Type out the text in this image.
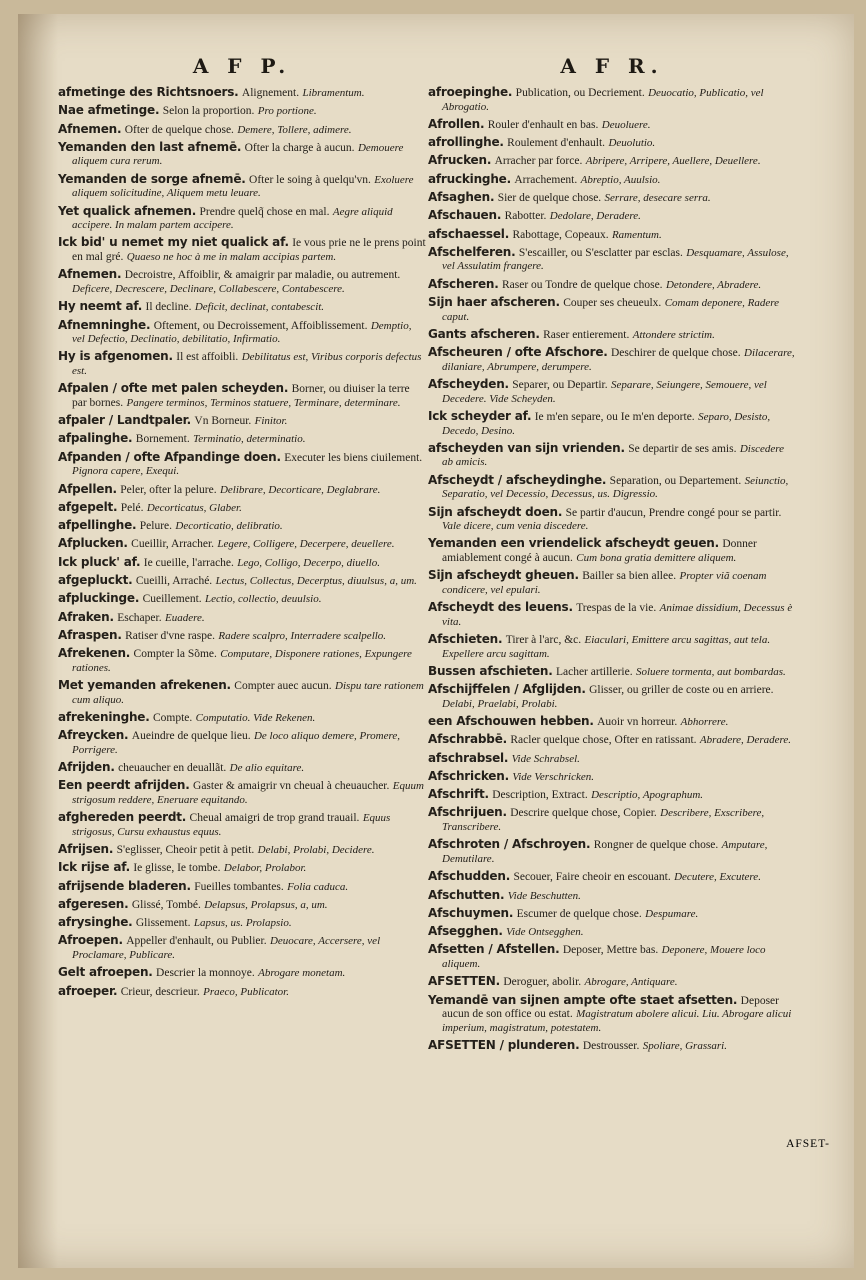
A F P.
afmetinge des Richtsnoers. Alignement. Libramentum.
Nae afmetinge. Selon la proportion. Pro portione.
Afnemen. Ofter de quelque chose. Demere, Tollere, adimere.
Yemanden den last afnemē. Ofter la charge à aucun. Demouere aliquem cura rerum.
Yemanden de sorge afnemē. Ofter le soing à quelqu'vn. Exoluere aliquem solicitudine, Aliquem metu leuare.
Yet qualick afnemen. Prendre quelq̃ chose en mal. Aegre aliquid accipere. In malam partem accipere.
Ick bid' u nemet my niet qualick af. Ie vous prie ne le prens point en mal gré. Quaeso ne hoc à me in malam accipias partem.
Afnemen. Decroistre, Affoiblir, & amaigrir par maladie, ou autrement. Deficere, Decrescere, Declinare, Collabescere, Contabescere.
Hy neemt af. Il decline. Deficit, declinat, contabescit.
Afnemninghe. Oftement, ou Decroissement, Affoiblissement. Demptio, vel Defectio, Declinatio, debilitatio, Infirmatio.
Hy is afgenomen. Il est affoibli. Debilitatus est, Viribus corporis defectus est.
Afpalen / ofte met palen scheyden. Borner, ou diuiser la terre par bornes. Pangere terminos, Terminos statuere, Terminare, determinare.
afpaler / Landtpaler. Vn Borneur. Finitor.
afpalinghe. Bornement. Terminatio, determinatio.
Afpanden / ofte Afpandinge doen. Executer les biens ciuilement. Pignora capere, Exequi.
Afpellen. Peler, ofter la pelure. Delibrare, Decorticare, Deglabrare.
afgepelt. Pelé. Decorticatus, Glaber.
afpellinghe. Pelure. Decorticatio, delibratio.
Afplucken. Cueillir, Arracher. Legere, Colligere, Decerpere, deuellere.
Ick pluck' af. Ie cueille, l'arrache. Lego, Colligo, Decerpo, diuello.
afgepluckt. Cueilli, Arraché. Lectus, Collectus, Decerptus, diuulsus, a, um.
afpluckinge. Cueillement. Lectio, collectio, deuulsio.
Afraken. Eschaper. Euadere.
Afraspen. Ratiser d'vne raspe. Radere scalpro, Interradere scalpello.
Afrekenen. Compter la Sõme. Computare, Disponere rationes, Expungere rationes.
Met yemanden afrekenen. Compter auec aucun. Dispu tare rationem cum aliquo.
afrekeninghe. Compte. Computatio. Vide Rekenen.
Afreycken. Aueindre de quelque lieu. De loco aliquo demere, Promere, Porrigere.
Afrijden. cheuaucher en deuallãt. De alio equitare.
Een peerdt afrijden. Gaster & amaigrir vn cheual à cheuaucher. Equum strigosum reddere, Eneruare equitando.
afghereden peerdt. Cheual amaigri de trop grand trauail. Equus strigosus, Cursu exhaustus equus.
Afrijsen. S'eglisser, Cheoir petit à petit. Delabi, Prolabi, Decidere.
Ick rijse af. Ie glisse, Ie tombe. Delabor, Prolabor.
afrijsende bladeren. Fueilles tombantes. Folia caduca.
afgeresen. Glissé, Tombé. Delapsus, Prolapsus, a, um.
afrysinghe. Glissement. Lapsus, us. Prolapsio.
Afroepen. Appeller d'enhault, ou Publier. Deuocare, Accersere, vel Proclamare, Publicare.
Gelt afroepen. Descrier la monnoye. Abrogare monetam.
afroeper. Crieur, descrieur. Praeco, Publicator.
A F R.
afroepinghe. Publication, ou Decriement. Deuocatio, Publicatio, vel Abrogatio.
Afrollen. Rouler d'enhault en bas. Deuoluere.
afrollinghe. Roulement d'enhault. Deuolutio.
Afrucken. Arracher par force. Abripere, Arripere, Auellere, Deuellere.
afruckinghe. Arrachement. Abreptio, Auulsio.
Afsaghen. Sier de quelque chose. Serrare, desecare serra.
Afschauen. Rabotter. Dedolare, Deradere.
afschaessel. Rabottage, Copeaux. Ramentum.
Afschelferen. S'escailler, ou S'esclatter par esclas. Desquamare, Assulose, vel Assulatim frangere.
Afscheren. Raser ou Tondre de quelque chose. Detondere, Abradere.
Sijn haer afscheren. Couper ses cheueulx. Comam deponere, Radere caput.
Gants afscheren. Raser entierement. Attondere strictim.
Afscheuren / ofte Afschore. Deschirer de quelque chose. Dilacerare, dilaniare, Abrumpere, derumpere.
Afscheyden. Separer, ou Departir. Separare, Seiungere, Semouere, vel Decedere. Vide Scheyden.
Ick scheyder af. Ie m'en separe, ou Ie m'en deporte. Separo, Desisto, Decedo, Desino.
afscheyden van sijn vrienden. Se departir de ses amis. Discedere ab amicis.
Afscheydt / afscheydinghe. Separation, ou Departement. Seiunctio, Separatio, vel Decessio, Decessus, us. Digressio.
Sijn afscheydt doen. Se partir d'aucun, Prendre congé pour se partir. Vale dicere, cum venia discedere.
Yemanden een vriendelick afscheydt geuen. Donner amiablement congé à aucun. Cum bona gratia demittere aliquem.
Sijn afscheydt gheuen. Bailler sa bien allee. Propter viã coenam condicere, vel epulari.
Afscheydt des leuens. Trespas de la vie. Animae dissidium, Decessus è vita.
Afschieten. Tirer à l'arc, &c. Eiaculari, Emittere arcu sagittas, aut tela. Expellere arcu sagittam.
Bussen afschieten. Lacher artillerie. Soluere tormenta, aut bombardas.
Afschijffelen / Afglijden. Glisser, ou griller de coste ou en arriere. Delabi, Praelabi, Prolabi.
een Afschouwen hebben. Auoir vn horreur. Abhorrere.
Afschrabbē. Racler quelque chose, Ofter en ratissant. Abradere, Deradere.
afschrabsel. Vide Schrabsel.
Afschricken. Vide Verschricken.
Afschrift. Description, Extract. Descriptio, Apographum.
Afschrijuen. Descrire quelque chose, Copier. Describere, Exscribere, Transcribere.
Afschroten / Afschroyen. Rongner de quelque chose. Amputare, Demutilare.
Afschudden. Secouer, Faire cheoir en escouant. Decutere, Excutere.
Afschutten. Vide Beschutten.
Afschuymen. Escumer de quelque chose. Despumare.
Afsegghen. Vide Ontsegghen.
Afsetten / Afstellen. Deposer, Mettre bas. Deponere, Mouere loco aliquem.
AFSETTEN. Deroguer, abolir. Abrogare, Antiquare.
Yemandē van sijnen ampte ofte staet afsetten. Deposer aucun de son office ou estat. Magistratum abolere alicui. Liu. Abrogare alicui imperium, magistratum, potestatem.
AFSETTEN / plunderen. Destrousser. Spoliare, Grassari.
AFSET-
